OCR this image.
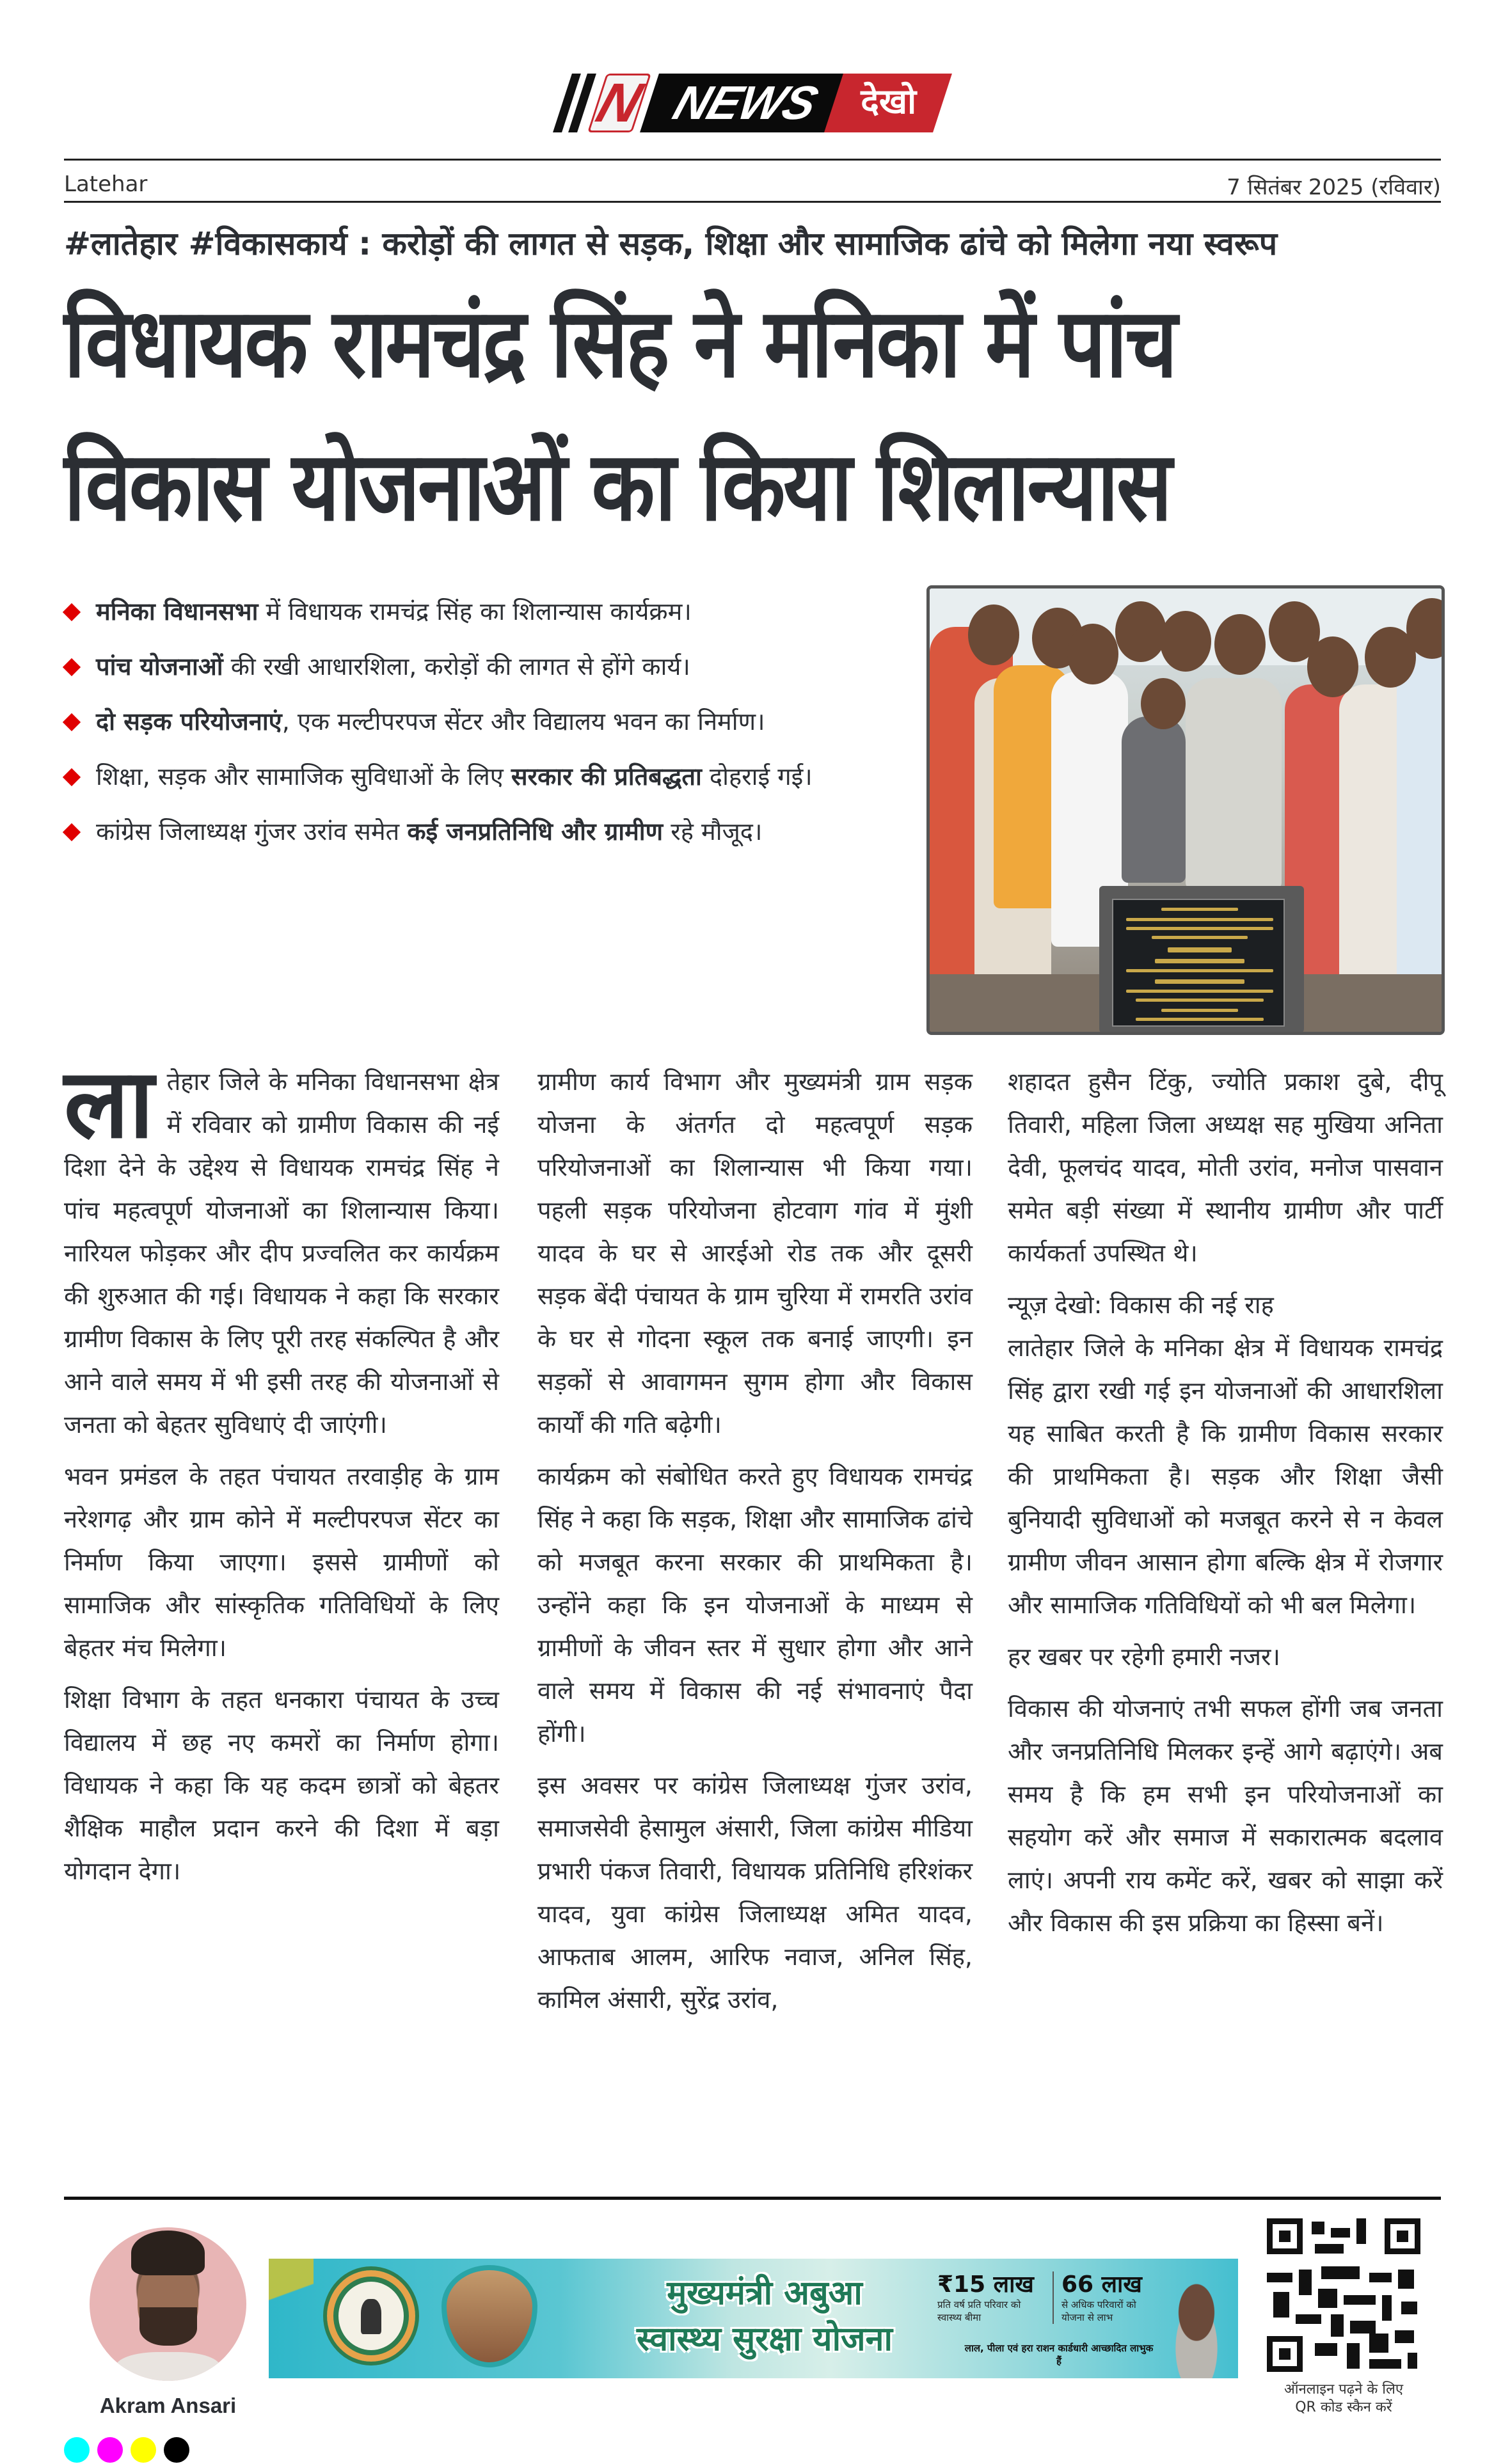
N NEWS	देखो
Latehar	7 सितंबर 2025 (रविवार)
#लातेहार #विकासकार्य : करोड़ों की लागत से सड़क, शिक्षा और सामाजिक ढांचे को मिलेगा नया स्वरूप
विधायक रामचंद्र सिंह ने मनिका में पांच
विकास योजनाओं का किया शिलान्यास
मनिका विधानसभा में विधायक रामचंद्र सिंह का शिलान्यास कार्यक्रम।
पांच योजनाओं की रखी आधारशिला, करोड़ों की लागत से होंगे कार्य।
दो सड़क परियोजनाएं, एक मल्टीपरपज सेंटर और विद्यालय भवन का निर्माण।
शिक्षा, सड़क और सामाजिक सुविधाओं के लिए सरकार की प्रतिबद्धता दोहराई गई।
कांग्रेस जिलाध्यक्ष गुंजर उरांव समेत कई जनप्रतिनिधि और ग्रामीण रहे मौजूद।

लातेहार जिले के मनिका विधानसभा क्षेत्र में रविवार को ग्रामीण विकास की नई दिशा देने के उद्देश्य से विधायक रामचंद्र सिंह ने पांच महत्वपूर्ण योजनाओं का शिलान्यास किया। नारियल फोड़कर और दीप प्रज्वलित कर कार्यक्रम की शुरुआत की गई। विधायक ने कहा कि सरकार ग्रामीण विकास के लिए पूरी तरह संकल्पित है और आने वाले समय में भी इसी तरह की योजनाओं से जनता को बेहतर सुविधाएं दी जाएंगी।

भवन प्रमंडल के तहत पंचायत तरवाड़ीह के ग्राम नरेशगढ़ और ग्राम कोने में मल्टीपरपज सेंटर का निर्माण किया जाएगा। इससे ग्रामीणों को सामाजिक और सांस्कृतिक गतिविधियों के लिए बेहतर मंच मिलेगा।

शिक्षा विभाग के तहत धनकारा पंचायत के उच्च विद्यालय में छह नए कमरों का निर्माण होगा। विधायक ने कहा कि यह कदम छात्रों को बेहतर शैक्षिक माहौल प्रदान करने की दिशा में बड़ा योगदान देगा।

ग्रामीण कार्य विभाग और मुख्यमंत्री ग्राम सड़क योजना के अंतर्गत दो महत्वपूर्ण सड़क परियोजनाओं का शिलान्यास भी किया गया। पहली सड़क परियोजना होटवाग गांव में मुंशी यादव के घर से आरईओ रोड तक और दूसरी सड़क बेंदी पंचायत के ग्राम चुरिया में रामरति उरांव के घर से गोदना स्कूल तक बनाई जाएगी। इन सड़कों से आवागमन सुगम होगा और विकास कार्यों की गति बढ़ेगी।

कार्यक्रम को संबोधित करते हुए विधायक रामचंद्र सिंह ने कहा कि सड़क, शिक्षा और सामाजिक ढांचे को मजबूत करना सरकार की प्राथमिकता है। उन्होंने कहा कि इन योजनाओं के माध्यम से ग्रामीणों के जीवन स्तर में सुधार होगा और आने वाले समय में विकास की नई संभावनाएं पैदा होंगी।

इस अवसर पर कांग्रेस जिलाध्यक्ष गुंजर उरांव, समाजसेवी हेसामुल अंसारी, जिला कांग्रेस मीडिया प्रभारी पंकज तिवारी, विधायक प्रतिनिधि हरिशंकर यादव, युवा कांग्रेस जिलाध्यक्ष अमित यादव, आफताब आलम, आरिफ नवाज, अनिल सिंह, कामिल अंसारी, सुरेंद्र उरांव,

शहादत हुसैन टिंकु, ज्योति प्रकाश दुबे, दीपू तिवारी, महिला जिला अध्यक्ष सह मुखिया अनिता देवी, फूलचंद यादव, मोती उरांव, मनोज पासवान समेत बड़ी संख्या में स्थानीय ग्रामीण और पार्टी कार्यकर्ता उपस्थित थे।

न्यूज़ देखो: विकास की नई राह

लातेहार जिले के मनिका क्षेत्र में विधायक रामचंद्र सिंह द्वारा रखी गई इन योजनाओं की आधारशिला यह साबित करती है कि ग्रामीण विकास सरकार की प्राथमिकता है। सड़क और शिक्षा जैसी बुनियादी सुविधाओं को मजबूत करने से न केवल ग्रामीण जीवन आसान होगा बल्कि क्षेत्र में रोजगार और सामाजिक गतिविधियों को भी बल मिलेगा।

हर खबर पर रहेगी हमारी नजर।

विकास की योजनाएं तभी सफल होंगी जब जनता और जनप्रतिनिधि मिलकर इन्हें आगे बढ़ाएंगे। अब समय है कि हम सभी इन परियोजनाओं का सहयोग करें और समाज में सकारात्मक बदलाव लाएं। अपनी राय कमेंट करें, खबर को साझा करें और विकास की इस प्रक्रिया का हिस्सा बनें।

Akram Ansari
मुख्यमंत्री अबुआ
स्वास्थ्य सुरक्षा योजना
₹15 लाख
प्रति वर्ष प्रति परिवार को स्वास्थ्य बीमा
66 लाख
से अधिक परिवारों को योजना से लाभ
लाल, पीला एवं हरा राशन कार्डधारी आच्छादित लाभुक हैं
ऑनलाइन पढ़ने के लिए
QR कोड स्कैन करें
